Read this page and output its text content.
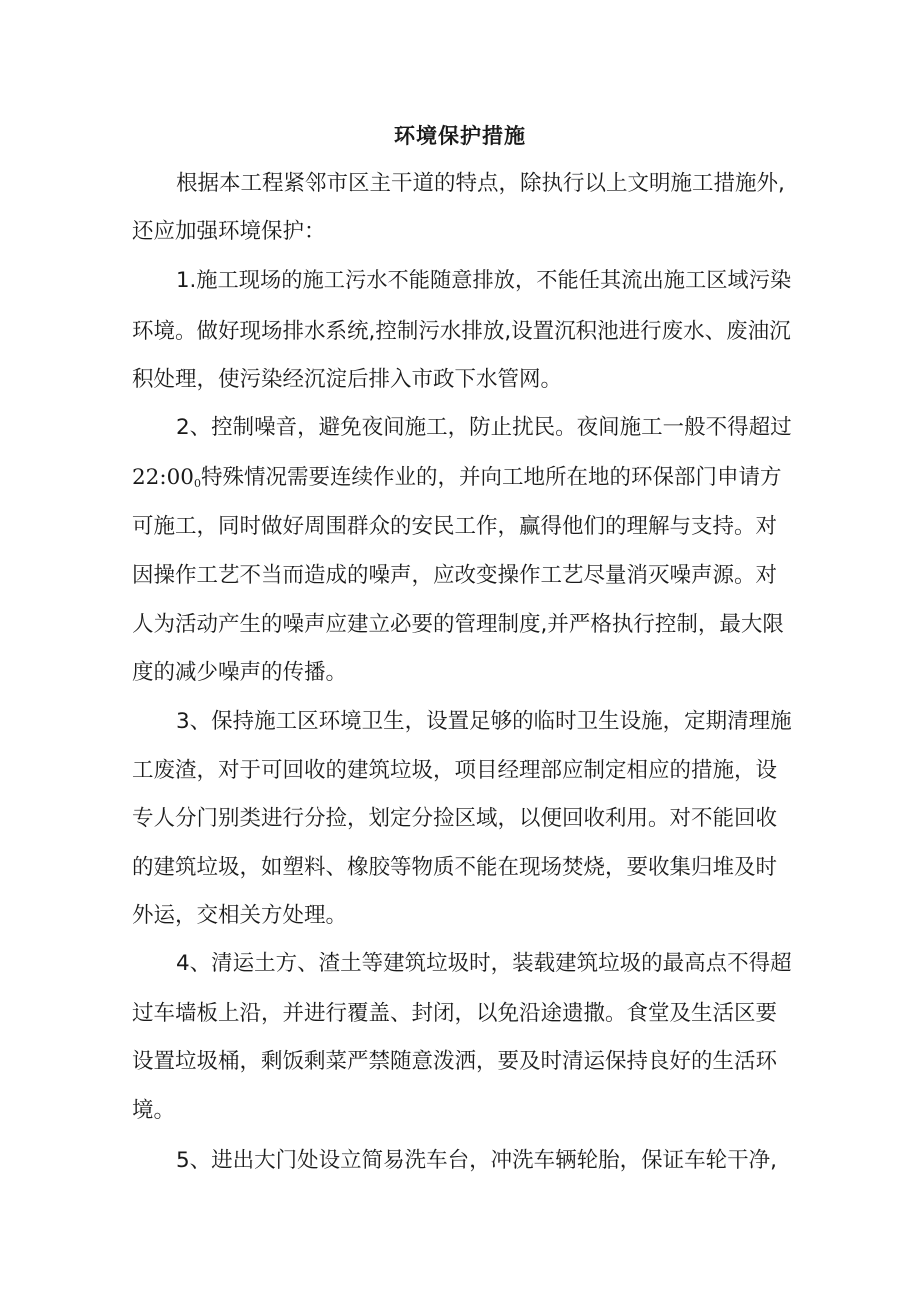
环境保护措施
根据本工程紧邻市区主干道的特点，除执行以上文明施工措施外,
还应加强环境保护：
1.施工现场的施工污水不能随意排放，不能任其流出施工区域污染
环境。做好现场排水系统,控制污水排放,设置沉积池进行废水、废油沉
积处理，使污染经沉淀后排入市政下水管网。
2、控制噪音，避免夜间施工，防止扰民。夜间施工一般不得超过
$22:00_0$特殊情况需要连续作业的，并向工地所在地的环保部门申请方
可施工，同时做好周围群众的安民工作，赢得他们的理解与支持。对
因操作工艺不当而造成的噪声，应改变操作工艺尽量消灭噪声源。对
人为活动产生的噪声应建立必要的管理制度,并严格执行控制，最大限
度的减少噪声的传播。
3、保持施工区环境卫生，设置足够的临时卫生设施，定期清理施
工废渣，对于可回收的建筑垃圾，项目经理部应制定相应的措施，设
专人分门别类进行分捡，划定分捡区域，以便回收利用。对不能回收
的建筑垃圾，如塑料、橡胶等物质不能在现场焚烧，要收集归堆及时
外运，交相关方处理。
4、清运土方、渣土等建筑垃圾时，装载建筑垃圾的最高点不得超
过车墙板上沿，并进行覆盖、封闭，以免沿途遗撒。食堂及生活区要
设置垃圾桶，剩饭剩菜严禁随意泼洒，要及时清运保持良好的生活环
境。
5、进出大门处设立简易洗车台，冲洗车辆轮胎，保证车轮干净,
